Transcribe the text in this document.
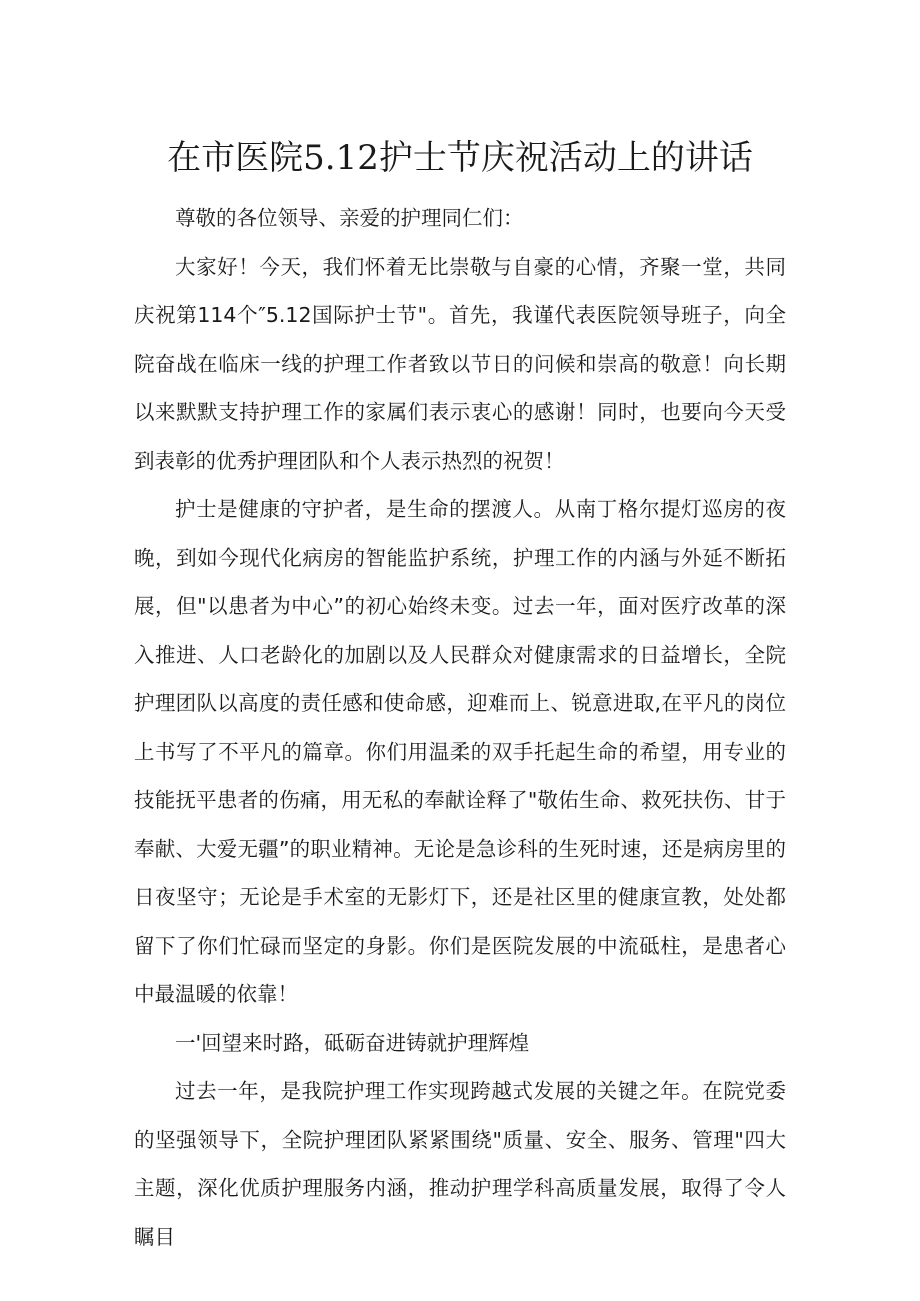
在市医院5.12护士节庆祝活动上的讲话

尊敬的各位领导、亲爱的护理同仁们：

大家好！今天，我们怀着无比崇敬与自豪的心情，齐聚一堂，共同庆祝第114个″5.12国际护士节"。首先，我谨代表医院领导班子，向全院奋战在临床一线的护理工作者致以节日的问候和崇高的敬意！向长期以来默默支持护理工作的家属们表示衷心的感谢！同时，也要向今天受到表彰的优秀护理团队和个人表示热烈的祝贺！

护士是健康的守护者，是生命的摆渡人。从南丁格尔提灯巡房的夜晚，到如今现代化病房的智能监护系统，护理工作的内涵与外延不断拓展，但"以患者为中心”的初心始终未变。过去一年，面对医疗改革的深入推进、人口老龄化的加剧以及人民群众对健康需求的日益增长，全院护理团队以高度的责任感和使命感，迎难而上、锐意进取,在平凡的岗位上书写了不平凡的篇章。你们用温柔的双手托起生命的希望，用专业的技能抚平患者的伤痛，用无私的奉献诠释了"敬佑生命、救死扶伤、甘于奉献、大爱无疆”的职业精神。无论是急诊科的生死时速，还是病房里的日夜坚守；无论是手术室的无影灯下，还是社区里的健康宣教，处处都留下了你们忙碌而坚定的身影。你们是医院发展的中流砥柱，是患者心中最温暖的依靠！

一'回望来时路，砥砺奋进铸就护理辉煌

过去一年，是我院护理工作实现跨越式发展的关键之年。在院党委的坚强领导下，全院护理团队紧紧围绕"质量、安全、服务、管理"四大主题，深化优质护理服务内涵，推动护理学科高质量发展，取得了令人瞩目
